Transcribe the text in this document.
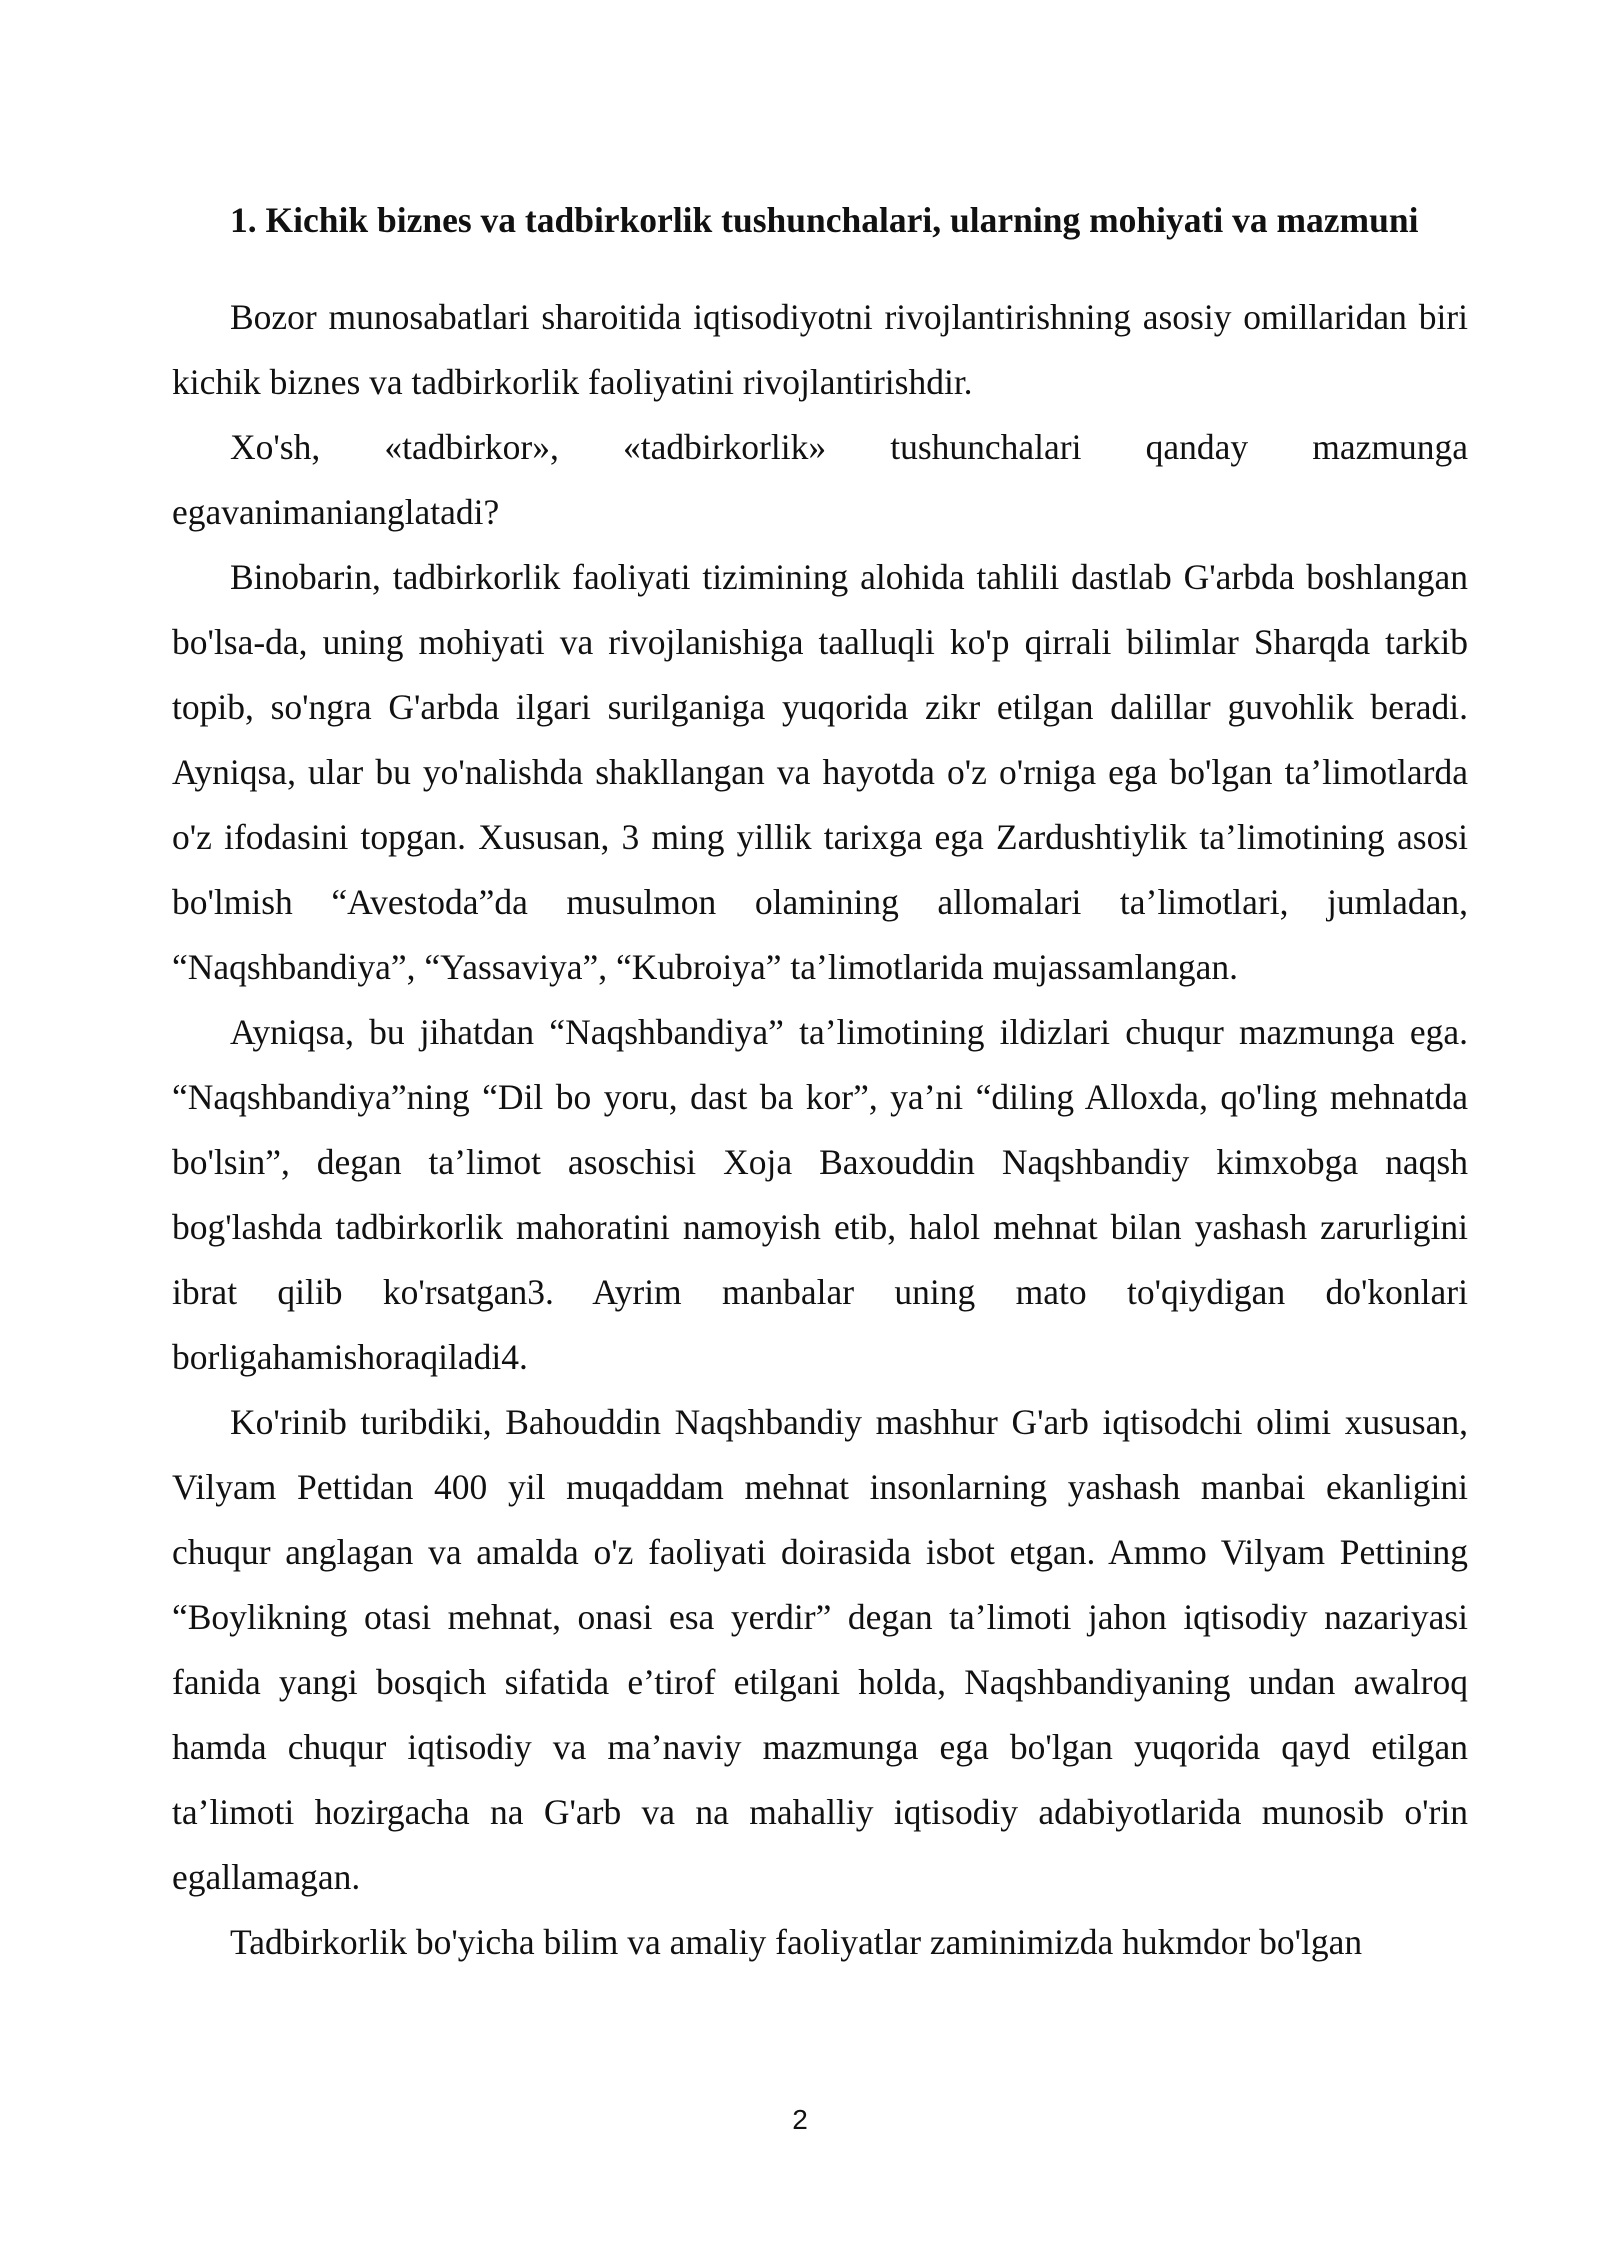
1. Kichik biznes va tadbirkorlik tushunchalari, ularning mohiyati va mazmuni

Bozor munosabatlari sharoitida iqtisodiyotni rivojlantirishning asosiy omillaridan biri kichik biznes va tadbirkorlik faoliyatini rivojlantirishdir.

Xo'sh, «tadbirkor», «tadbirkorlik» tushunchalari qanday mazmunga egavanimanianglatadi?

Binobarin, tadbirkorlik faoliyati tizimining alohida tahlili dastlab G'arbda boshlangan bo'lsa-da, uning mohiyati va rivojlanishiga taalluqli ko'p qirrali bilimlar Sharqda tarkib topib, so'ngra G'arbda ilgari surilganiga yuqorida zikr etilgan dalillar guvohlik beradi. Ayniqsa, ular bu yo'nalishda shakllangan va hayotda o'z o'rniga ega bo'lgan ta’limotlarda o'z ifodasini topgan. Xususan, 3 ming yillik tarixga ega Zardushtiylik ta’limotining asosi bo'lmish “Avestoda”da musulmon olamining allomalari ta’limotlari, jumladan, “Naqshbandiya”, “Yassaviya”, “Kubroiya” ta’limotlarida mujassamlangan.

Ayniqsa, bu jihatdan “Naqshbandiya” ta’limotining ildizlari chuqur mazmunga ega. “Naqshbandiya”ning “Dil bo yoru, dast ba kor”, ya’ni “diling Alloxda, qo'ling mehnatda bo'lsin”, degan ta’limot asoschisi Xoja Baxouddin Naqshbandiy kimxobga naqsh bog'lashda tadbirkorlik mahoratini namoyish etib, halol mehnat bilan yashash zarurligini ibrat qilib ko'rsatgan3. Ayrim manbalar uning mato to'qiydigan do'konlari borligahamishoraqiladi4.

Ko'rinib turibdiki, Bahouddin Naqshbandiy mashhur G'arb iqtisodchi olimi xususan, Vilyam Pettidan 400 yil muqaddam mehnat insonlarning yashash manbai ekanligini chuqur anglagan va amalda o'z faoliyati doirasida isbot etgan. Ammo Vilyam Pettining “Boylikning otasi mehnat, onasi esa yerdir” degan ta’limoti jahon iqtisodiy nazariyasi fanida yangi bosqich sifatida e’tirof etilgani holda, Naqshbandiyaning undan awalroq hamda chuqur iqtisodiy va ma’naviy mazmunga ega bo'lgan yuqorida qayd etilgan ta’limoti hozirgacha na G'arb va na mahalliy iqtisodiy adabiyotlarida munosib o'rin egallamagan.

Tadbirkorlik bo'yicha bilim va amaliy faoliyatlar zaminimizda hukmdor bo'lgan

2
